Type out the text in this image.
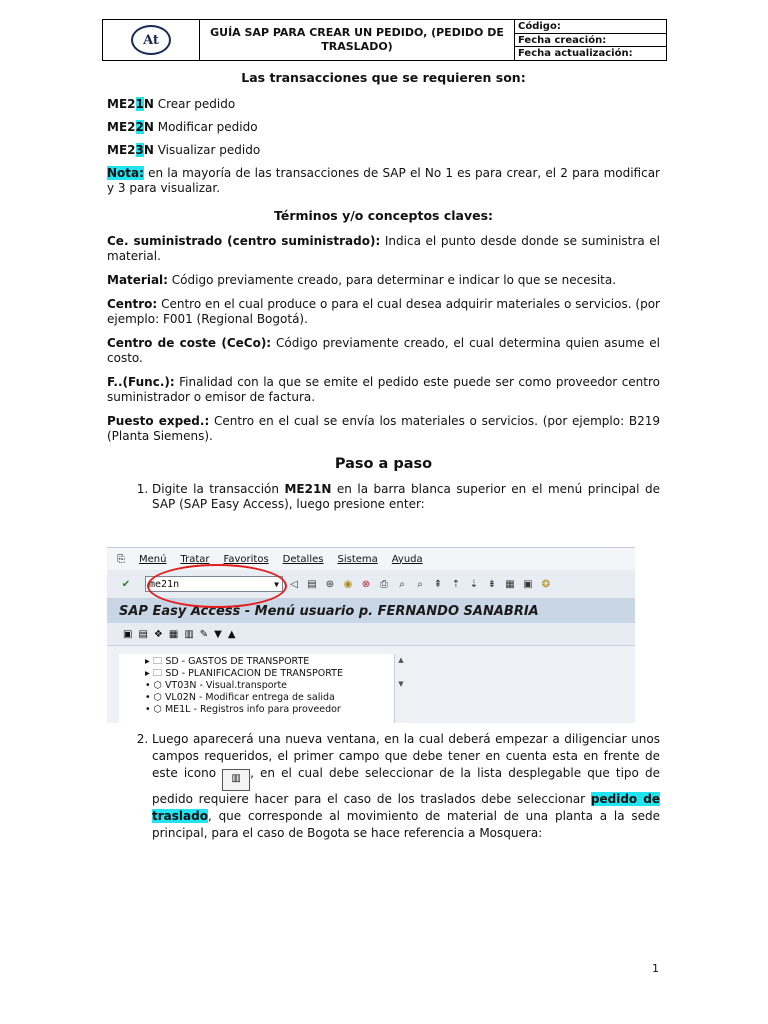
At	GUÍA SAP PARA CREAR UN PEDIDO, (PEDIDO DE TRASLADO)
Código:
Fecha creación:
Fecha actualización:

Las transacciones que se requieren son:

ME21N Crear pedido

ME22N Modificar pedido

ME23N Visualizar pedido

Nota: en la mayoría de las transacciones de SAP el No 1 es para crear, el 2 para modificar y 3 para visualizar.

Términos y/o conceptos claves:

Ce. suministrado (centro suministrado): Indica el punto desde donde se suministra el material.

Material: Código previamente creado, para determinar e indicar lo que se necesita.

Centro: Centro en el cual produce o para el cual desea adquirir materiales o servicios. (por ejemplo: F001 (Regional Bogotá).

Centro de coste (CeCo): Código previamente creado, el cual determina quien asume el costo.

F..(Func.): Finalidad con la que se emite el pedido este puede ser como proveedor centro suministrador o emisor de factura.

Puesto exped.: Centro en el cual se envía los materiales o servicios. (por ejemplo: B219 (Planta Siemens).

Paso a paso

1. Digite la transacción ME21N en la barra blanca superior en el menú principal de SAP (SAP Easy Access), luego presione enter:
⎘ Menú Tratar Favoritos Detalles Sistema Ayuda
✔ me21n	▼	◁ ▤ ⊛ ◉ ⊗ ⎙	⌕	⌕	⇞ ⇡ ⇣ ⇟ ▦ ▣ ❂
SAP Easy Access - Menú usuario p. FERNANDO SANABRIA
▣ ▤ ❖ ▦ ▥ ✎ ▼ ▲
▸ 🗀 SD - GASTOS DE TRANSPORTE
▸ 🗀 SD - PLANIFICACION DE TRANSPORTE
• ⬡ VT03N - Visual.transporte
• ⬡ VL02N - Modificar entrega de salida
• ⬡ ME1L - Registros info para proveedor
▲

▼
2. Luego aparecerá una nueva ventana, en la cual deberá empezar a diligenciar unos campos requeridos, el primer campo que debe tener en cuenta esta en frente de este icono ▥ , en el cual debe seleccionar de la lista desplegable que tipo de pedido requiere hacer para el caso de los traslados debe seleccionar pedido de traslado, que corresponde al movimiento de material de una planta a la sede principal, para el caso de Bogota se hace referencia a Mosquera:
1
